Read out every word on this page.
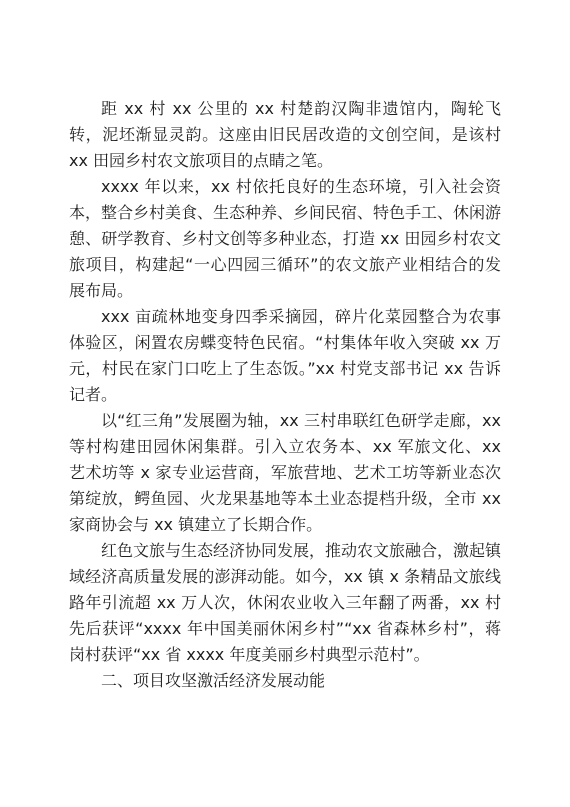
距 xx 村 xx 公里的 xx 村楚韵汉陶非遗馆内，陶轮飞转，泥坯渐显灵韵。这座由旧民居改造的文创空间，是该村 xx 田园乡村农文旅项目的点睛之笔。

xxxx 年以来，xx 村依托良好的生态环境，引入社会资本，整合乡村美食、生态种养、乡间民宿、特色手工、休闲游憩、研学教育、乡村文创等多种业态，打造 xx 田园乡村农文旅项目，构建起“一心四园三循环”的农文旅产业相结合的发展布局。

xxx 亩疏林地变身四季采摘园，碎片化菜园整合为农事体验区，闲置农房蝶变特色民宿。“村集体年收入突破 xx 万元，村民在家门口吃上了生态饭。”xx 村党支部书记 xx 告诉记者。

以“红三角”发展圈为轴，xx 三村串联红色研学走廊，xx 等村构建田园休闲集群。引入立农务本、xx 军旅文化、xx 艺术坊等 x 家专业运营商，军旅营地、艺术工坊等新业态次第绽放，鳄鱼园、火龙果基地等本土业态提档升级，全市 xx 家商协会与 xx 镇建立了长期合作。

红色文旅与生态经济协同发展，推动农文旅融合，激起镇域经济高质量发展的澎湃动能。如今，xx 镇 x 条精品文旅线路年引流超 xx 万人次，休闲农业收入三年翻了两番，xx 村先后获评“xxxx 年中国美丽休闲乡村”“xx 省森林乡村”，蒋岗村获评“xx 省 xxxx 年度美丽乡村典型示范村”。

二、项目攻坚激活经济发展动能
